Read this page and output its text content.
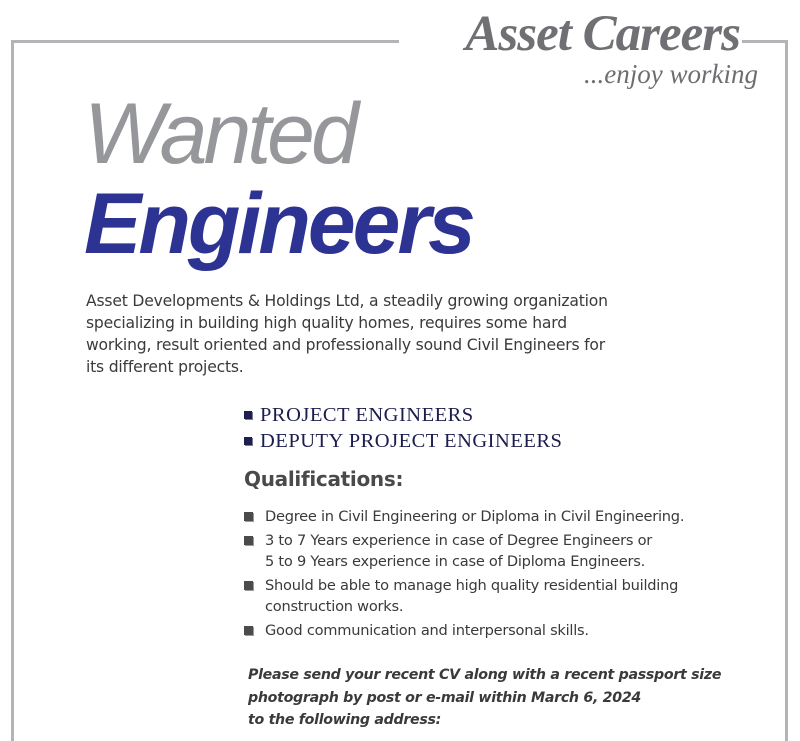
Asset Careers
...enjoy working
Wanted
Engineers
Asset Developments & Holdings Ltd, a steadily growing organization
specializing in building high quality homes, requires some hard
working, result oriented and professionally sound Civil Engineers for
its different projects.
PROJECT ENGINEERS
DEPUTY PROJECT ENGINEERS
Qualifications:
Degree in Civil Engineering or Diploma in Civil Engineering.
3 to 7 Years experience in case of Degree Engineers or
5 to 9 Years experience in case of Diploma Engineers.
Should be able to manage high quality residential building
construction works.
Good communication and interpersonal skills.
Please send your recent CV along with a recent passport size
photograph by post or e-mail within March 6, 2024
to the following address:
